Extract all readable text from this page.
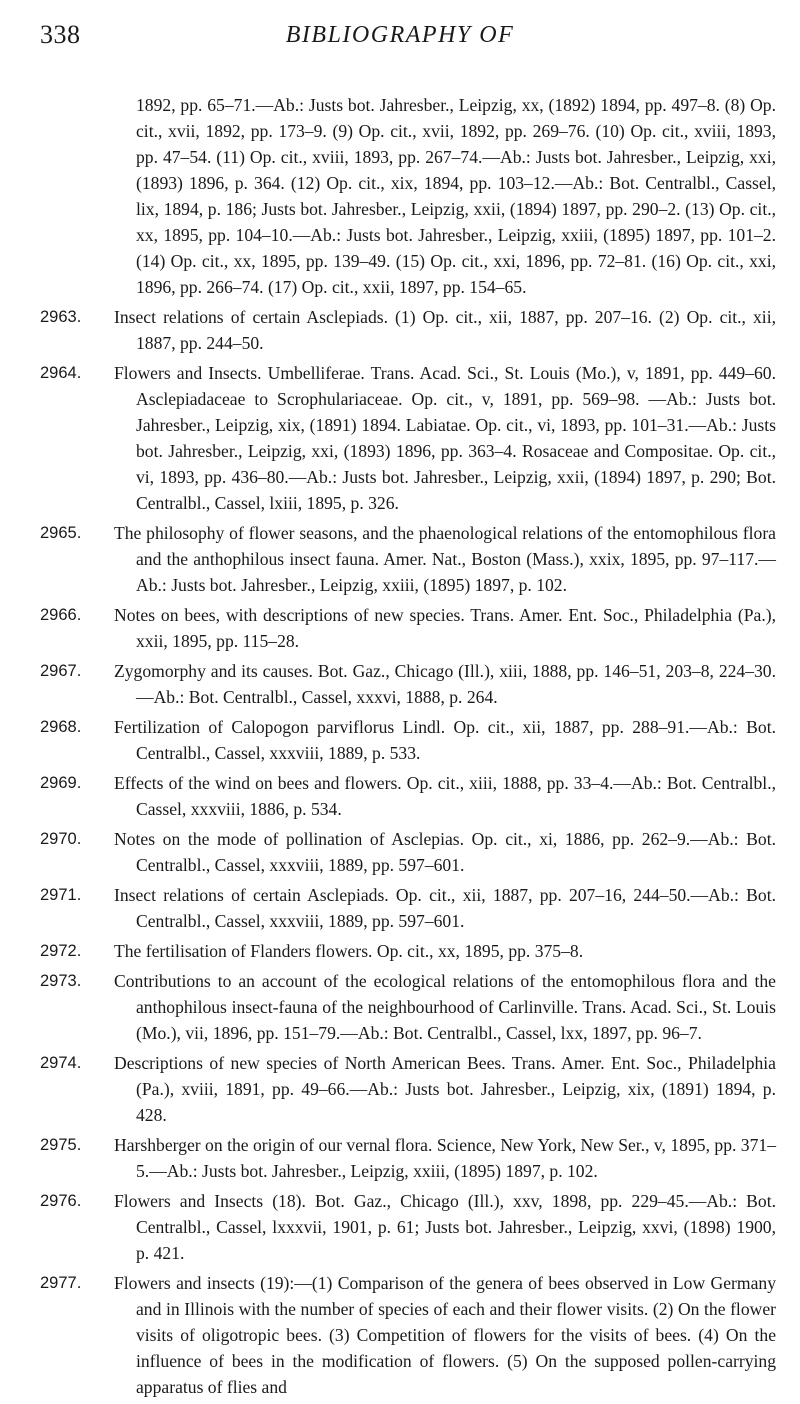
338	BIBLIOGRAPHY OF
1892, pp. 65–71.—Ab.: Justs bot. Jahresber., Leipzig, xx, (1892) 1894, pp. 497–8. (8) Op. cit., xvii, 1892, pp. 173–9. (9) Op. cit., xvii, 1892, pp. 269–76. (10) Op. cit., xviii, 1893, pp. 47–54. (11) Op. cit., xviii, 1893, pp. 267–74.—Ab.: Justs bot. Jahresber., Leipzig, xxi, (1893) 1896, p. 364. (12) Op. cit., xix, 1894, pp. 103–12.—Ab.: Bot. Centralbl., Cassel, lix, 1894, p. 186; Justs bot. Jahresber., Leipzig, xxii, (1894) 1897, pp. 290–2. (13) Op. cit., xx, 1895, pp. 104–10.—Ab.: Justs bot. Jahresber., Leipzig, xxiii, (1895) 1897, pp. 101–2. (14) Op. cit., xx, 1895, pp. 139–49. (15) Op. cit., xxi, 1896, pp. 72–81. (16) Op. cit., xxi, 1896, pp. 266–74. (17) Op. cit., xxii, 1897, pp. 154–65.
2963.	Insect relations of certain Asclepiads. (1) Op. cit., xii, 1887, pp. 207–16. (2) Op. cit., xii, 1887, pp. 244–50.
2964.	Flowers and Insects. Umbelliferae. Trans. Acad. Sci., St. Louis (Mo.), v, 1891, pp. 449–60. Asclepiadaceae to Scrophulariaceae. Op. cit., v, 1891, pp. 569–98. —Ab.: Justs bot. Jahresber., Leipzig, xix, (1891) 1894. Labiatae. Op. cit., vi, 1893, pp. 101–31.—Ab.: Justs bot. Jahresber., Leipzig, xxi, (1893) 1896, pp. 363–4. Rosaceae and Compositae. Op. cit., vi, 1893, pp. 436–80.—Ab.: Justs bot. Jahresber., Leipzig, xxii, (1894) 1897, p. 290; Bot. Centralbl., Cassel, lxiii, 1895, p. 326.
2965.	The philosophy of flower seasons, and the phaenological relations of the entomophilous flora and the anthophilous insect fauna. Amer. Nat., Boston (Mass.), xxix, 1895, pp. 97–117.—Ab.: Justs bot. Jahresber., Leipzig, xxiii, (1895) 1897, p. 102.
2966.	Notes on bees, with descriptions of new species. Trans. Amer. Ent. Soc., Philadelphia (Pa.), xxii, 1895, pp. 115–28.
2967.	Zygomorphy and its causes. Bot. Gaz., Chicago (Ill.), xiii, 1888, pp. 146–51, 203–8, 224–30.—Ab.: Bot. Centralbl., Cassel, xxxvi, 1888, p. 264.
2968.	Fertilization of Calopogon parviflorus Lindl. Op. cit., xii, 1887, pp. 288–91.—Ab.: Bot. Centralbl., Cassel, xxxviii, 1889, p. 533.
2969.	Effects of the wind on bees and flowers. Op. cit., xiii, 1888, pp. 33–4.—Ab.: Bot. Centralbl., Cassel, xxxviii, 1886, p. 534.
2970.	Notes on the mode of pollination of Asclepias. Op. cit., xi, 1886, pp. 262–9.—Ab.: Bot. Centralbl., Cassel, xxxviii, 1889, pp. 597–601.
2971.	Insect relations of certain Asclepiads. Op. cit., xii, 1887, pp. 207–16, 244–50.—Ab.: Bot. Centralbl., Cassel, xxxviii, 1889, pp. 597–601.
2972.	The fertilisation of Flanders flowers. Op. cit., xx, 1895, pp. 375–8.
2973.	Contributions to an account of the ecological relations of the entomophilous flora and the anthophilous insect-fauna of the neighbourhood of Carlinville. Trans. Acad. Sci., St. Louis (Mo.), vii, 1896, pp. 151–79.—Ab.: Bot. Centralbl., Cassel, lxx, 1897, pp. 96–7.
2974.	Descriptions of new species of North American Bees. Trans. Amer. Ent. Soc., Philadelphia (Pa.), xviii, 1891, pp. 49–66.—Ab.: Justs bot. Jahresber., Leipzig, xix, (1891) 1894, p. 428.
2975.	Harshberger on the origin of our vernal flora. Science, New York, New Ser., v, 1895, pp. 371–5.—Ab.: Justs bot. Jahresber., Leipzig, xxiii, (1895) 1897, p. 102.
2976.	Flowers and Insects (18). Bot. Gaz., Chicago (Ill.), xxv, 1898, pp. 229–45.—Ab.: Bot. Centralbl., Cassel, lxxxvii, 1901, p. 61; Justs bot. Jahresber., Leipzig, xxvi, (1898) 1900, p. 421.
2977.	Flowers and insects (19):—(1) Comparison of the genera of bees observed in Low Germany and in Illinois with the number of species of each and their flower visits. (2) On the flower visits of oligotropic bees. (3) Competition of flowers for the visits of bees. (4) On the influence of bees in the modification of flowers. (5) On the supposed pollen-carrying apparatus of flies and
